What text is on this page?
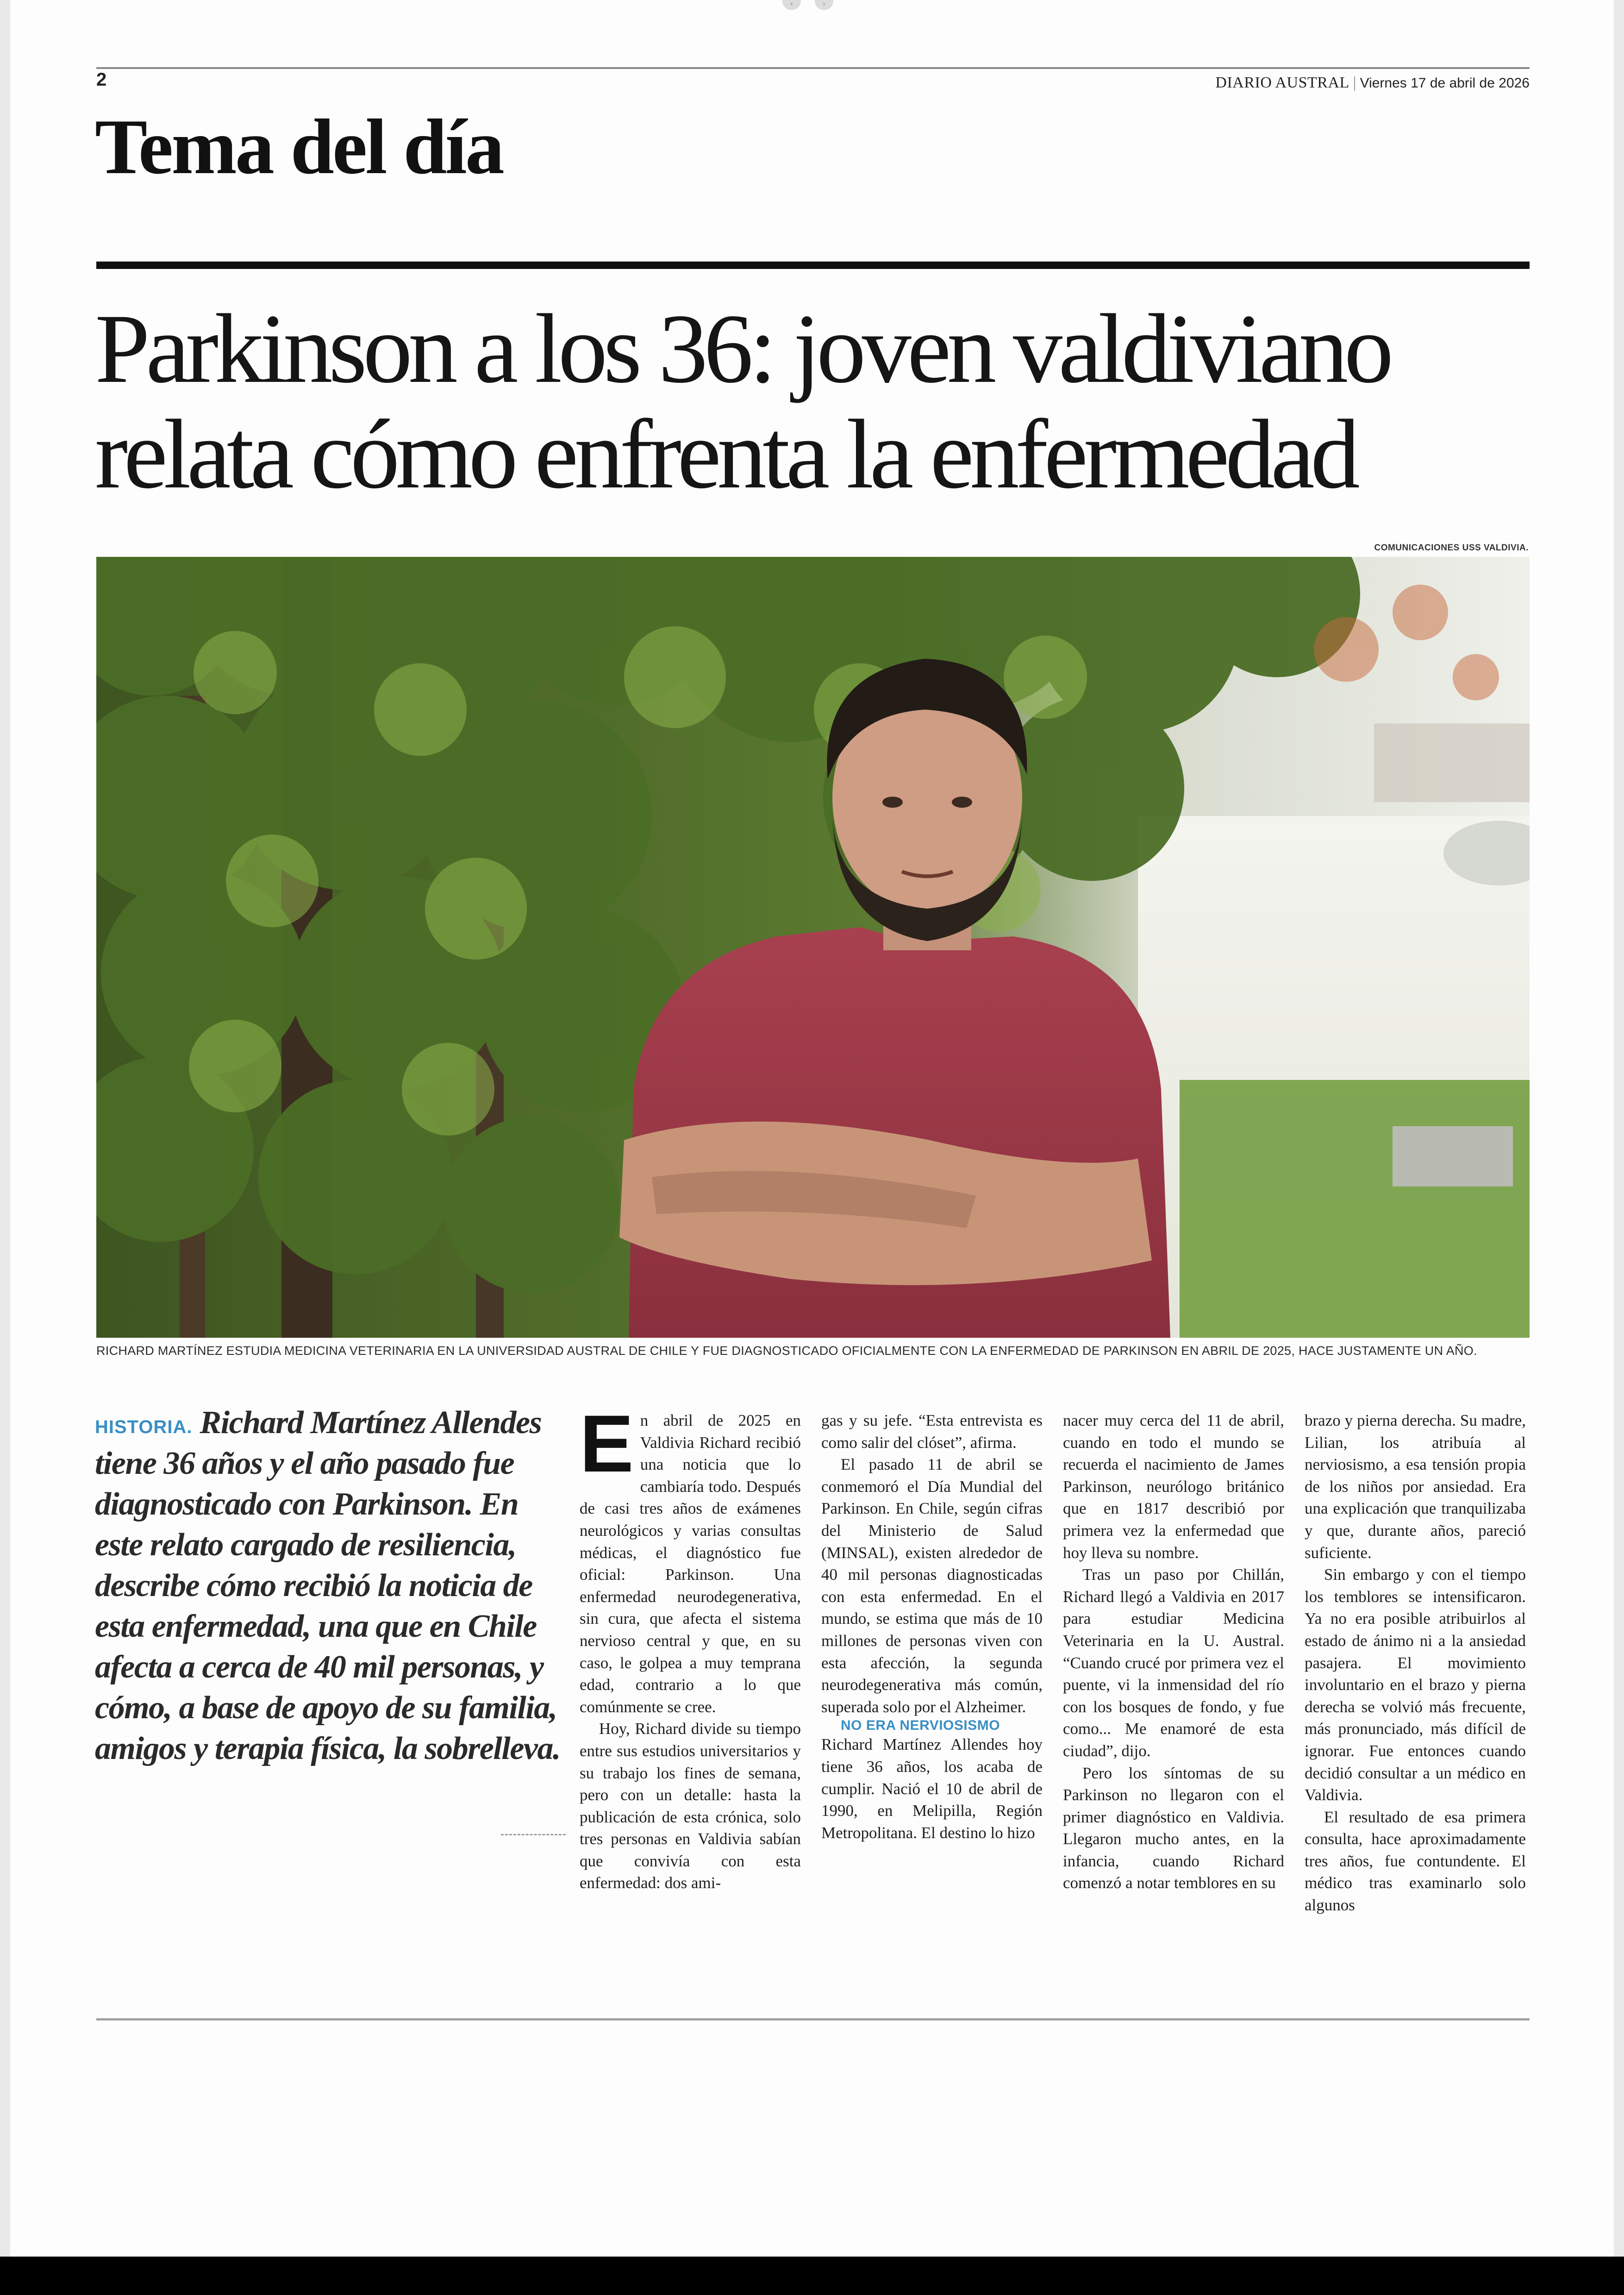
‹	›
2	DIARIO AUSTRAL | Viernes 17 de abril de 2026
Tema del día
Parkinson a los 36: joven valdiviano
relata cómo enfrenta la enfermedad
COMUNICACIONES USS VALDIVIA.
RICHARD MARTÍNEZ ESTUDIA MEDICINA VETERINARIA EN LA UNIVERSIDAD AUSTRAL DE CHILE Y FUE DIAGNOSTICADO OFICIALMENTE CON LA ENFERMEDAD DE PARKINSON EN ABRIL DE 2025, HACE JUSTAMENTE UN AÑO.
HISTORIA. Richard Martínez Allendes tiene 36 años y el año pasado fue diagnosticado con Parkinson. En este relato cargado de resiliencia, describe cómo recibió la noticia de esta enfermedad, una que en Chile afecta a cerca de 40 mil personas, y cómo, a base de apoyo de su familia, amigos y terapia física, la sobrelleva.

En abril de 2025 en Valdivia Richard recibió una noticia que lo cambiaría todo. Después de casi tres años de exámenes neurológicos y varias consultas médicas, el diagnóstico fue oficial: Parkinson. Una enfermedad neurodegenerativa, sin cura, que afecta el sistema nervioso central y que, en su caso, le golpea a muy temprana edad, contrario a lo que comúnmente se cree.

Hoy, Richard divide su tiempo entre sus estudios universitarios y su trabajo los fines de semana, pero con un detalle: hasta la publicación de esta crónica, solo tres personas en Valdivia sabían que convivía con esta enfermedad: dos ami-

gas y su jefe. “Esta entrevista es como salir del clóset”, afirma.

El pasado 11 de abril se conmemoró el Día Mundial del Parkinson. En Chile, según cifras del Ministerio de Salud (MINSAL), existen alrededor de 40 mil personas diagnosticadas con esta enfermedad. En el mundo, se estima que más de 10 millones de personas viven con esta afección, la segunda neurodegenerativa más común, superada solo por el Alzheimer.

NO ERA NERVIOSISMO

Richard Martínez Allendes hoy tiene 36 años, los acaba de cumplir. Nació el 10 de abril de 1990, en Melipilla, Región Metropolitana. El destino lo hizo

nacer muy cerca del 11 de abril, cuando en todo el mundo se recuerda el nacimiento de James Parkinson, neurólogo británico que en 1817 describió por primera vez la enfermedad que hoy lleva su nombre.

Tras un paso por Chillán, Richard llegó a Valdivia en 2017 para estudiar Medicina Veterinaria en la U. Austral. “Cuando crucé por primera vez el puente, vi la inmensidad del río con los bosques de fondo, y fue como... Me enamoré de esta ciudad”, dijo.

Pero los síntomas de su Parkinson no llegaron con el primer diagnóstico en Valdivia. Llegaron mucho antes, en la infancia, cuando Richard comenzó a notar temblores en su

brazo y pierna derecha. Su madre, Lilian, los atribuía al nerviosismo, a esa tensión propia de los niños por ansiedad. Era una explicación que tranquilizaba y que, durante años, pareció suficiente.

Sin embargo y con el tiempo los temblores se intensificaron. Ya no era posible atribuirlos al estado de ánimo ni a la ansiedad pasajera. El movimiento involuntario en el brazo y pierna derecha se volvió más frecuente, más pronunciado, más difícil de ignorar. Fue entonces cuando decidió consultar a un médico en Valdivia.

El resultado de esa primera consulta, hace aproximadamente tres años, fue contundente. El médico tras examinarlo solo algunos
